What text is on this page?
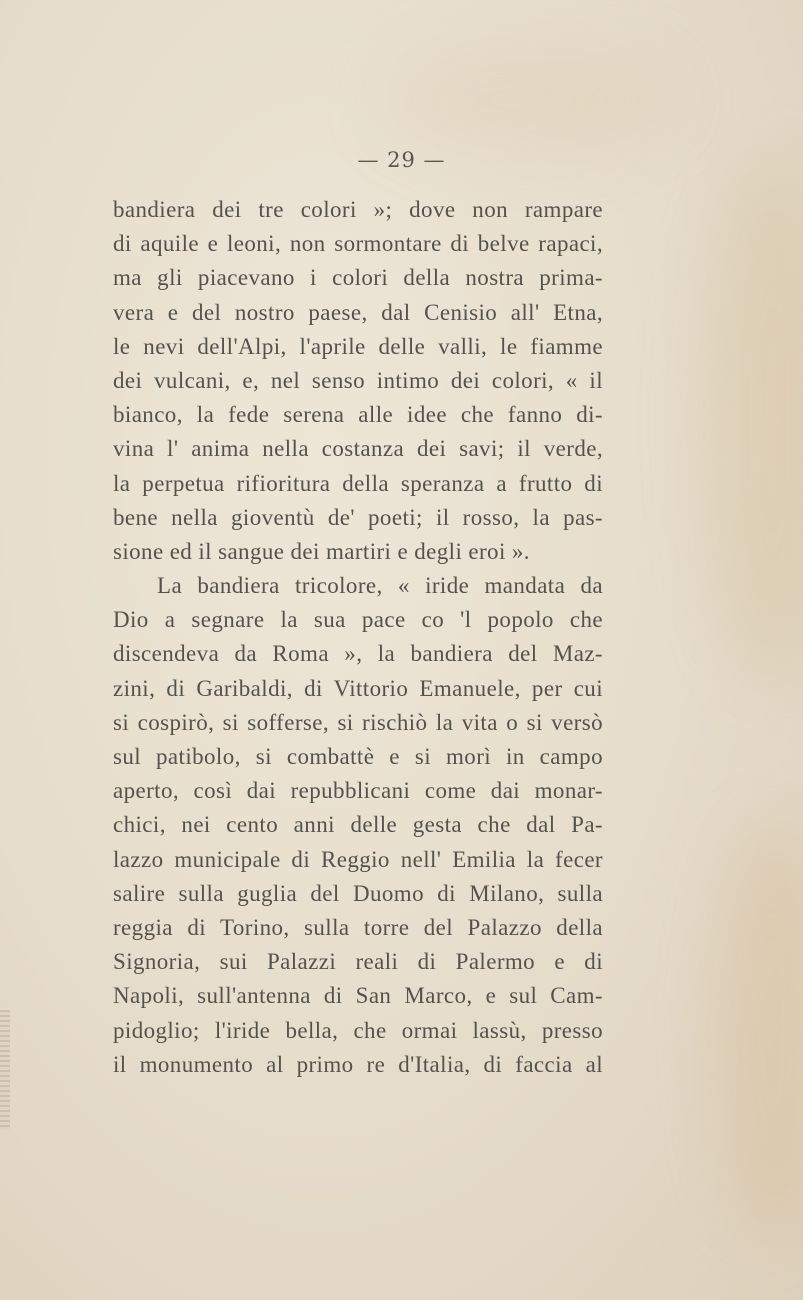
— 29 —
bandiera dei tre colori »; dove non rampare
di aquile e leoni, non sormontare di belve rapaci,
ma gli piacevano i colori della nostra prima-
vera e del nostro paese, dal Cenisio all' Etna,
le nevi dell'Alpi, l'aprile delle valli, le fiamme
dei vulcani, e, nel senso intimo dei colori, « il
bianco, la fede serena alle idee che fanno di-
vina l' anima nella costanza dei savi; il verde,
la perpetua rifioritura della speranza a frutto di
bene nella gioventù de' poeti; il rosso, la pas-
sione ed il sangue dei martiri e degli eroi ».
La bandiera tricolore, « iride mandata da
Dio a segnare la sua pace co 'l popolo che
discendeva da Roma », la bandiera del Maz-
zini, di Garibaldi, di Vittorio Emanuele, per cui
si cospirò, si sofferse, si rischiò la vita o si versò
sul patibolo, si combattè e si morì in campo
aperto, così dai repubblicani come dai monar-
chici, nei cento anni delle gesta che dal Pa-
lazzo municipale di Reggio nell' Emilia la fecer
salire sulla guglia del Duomo di Milano, sulla
reggia di Torino, sulla torre del Palazzo della
Signoria, sui Palazzi reali di Palermo e di
Napoli, sull'antenna di San Marco, e sul Cam-
pidoglio; l'iride bella, che ormai lassù, presso
il monumento al primo re d'Italia, di faccia al
